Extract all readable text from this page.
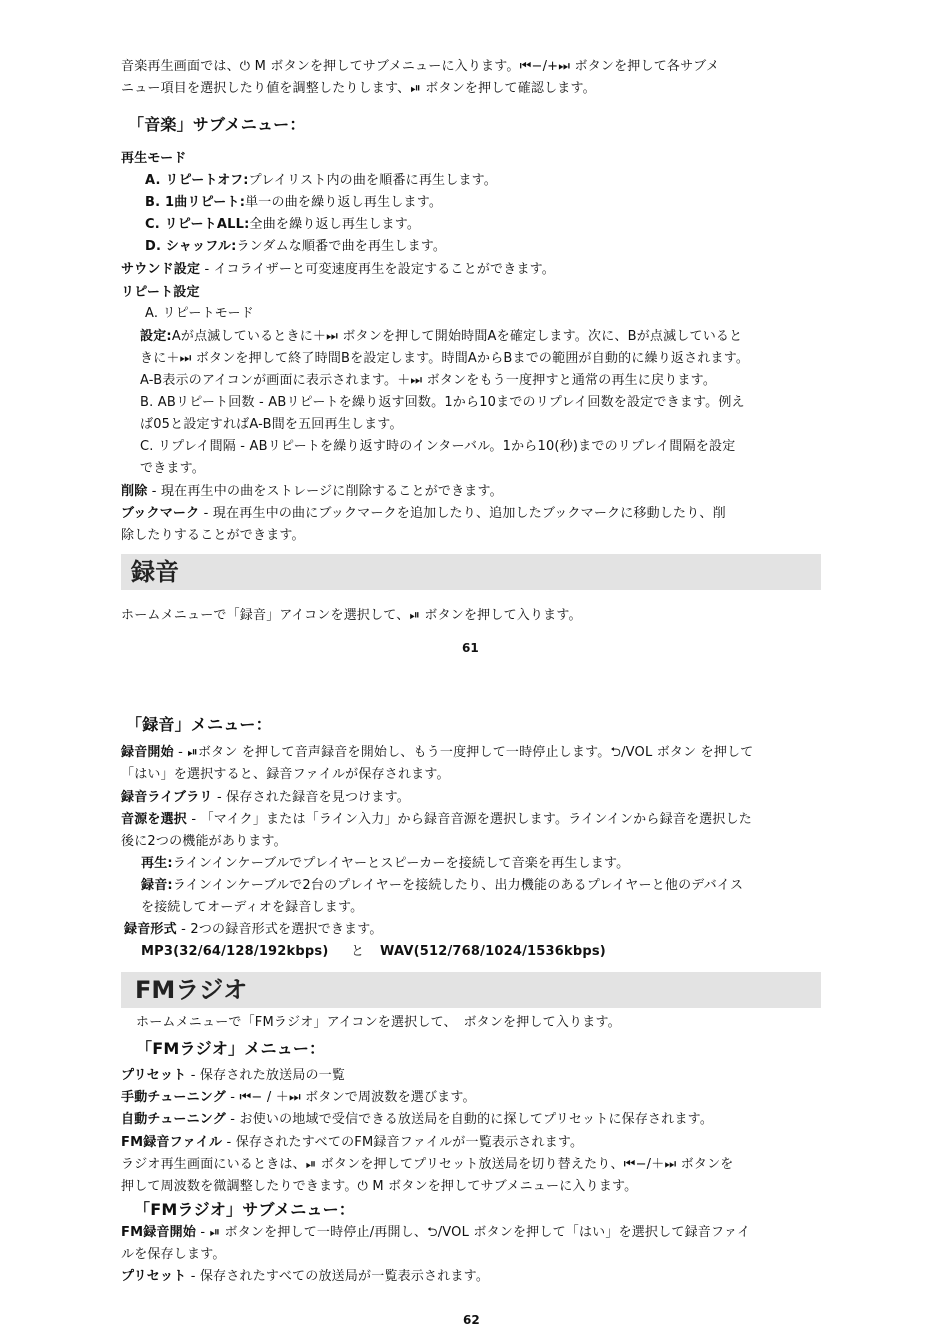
音楽再生画面では、⏻ M ボタンを押してサブメニューに入ります。⏮−/+⏭ ボタンを押して各サブメ
ニュー項目を選択したり値を調整したりします、⏯ ボタンを押して確認します。
「音楽」サブメニュー：
再生モード
A. リピートオフ:プレイリスト内の曲を順番に再生します。
B. 1曲リピート:単一の曲を繰り返し再生します。
C. リピートALL:全曲を繰り返し再生します。
D. シャッフル:ランダムな順番で曲を再生します。
サウンド設定 - イコライザーと可変速度再生を設定することができます。
リピート設定
A. リピートモード
設定:Aが点滅しているときに＋⏭ ボタンを押して開始時間Aを確定します。次に、Bが点滅していると
きに＋⏭ ボタンを押して終了時間Bを設定します。時間AからBまでの範囲が自動的に繰り返されます。
A-B表示のアイコンが画面に表示されます。＋⏭ ボタンをもう一度押すと通常の再生に戻ります。
B. ABリピート回数 - ABリピートを繰り返す回数。1から10までのリプレイ回数を設定できます。例え
ば05と設定すればA-B間を五回再生します。
C. リプレイ間隔 - ABリピートを繰り返す時のインターバル。1から10(秒)までのリプレイ間隔を設定
できます。
削除 - 現在再生中の曲をストレージに削除することができます。
ブックマーク - 現在再生中の曲にブックマークを追加したり、追加したブックマークに移動したり、削
除したりすることができます。
録音
ホームメニューで「録音」アイコンを選択して、⏯ ボタンを押して入ります。
61
「録音」メニュー：
録音開始 - ⏯ボタン を押して音声録音を開始し、もう一度押して一時停止します。⮌/VOL ボタン を押して
「はい」を選択すると、録音ファイルが保存されます。
録音ライブラリ - 保存された録音を見つけます。
音源を選択 - 「マイク」または「ライン入力」から録音音源を選択します。ラインインから録音を選択した
後に2つの機能があります。
再生:ラインインケーブルでプレイヤーとスピーカーを接続して音楽を再生します。
録音:ラインインケーブルで2台のプレイヤーを接続したり、出力機能のあるプレイヤーと他のデバイス
を接続してオーディオを録音します。
録音形式 - 2つの録音形式を選択できます。
MP3(32/64/128/192kbps) と WAV(512/768/1024/1536kbps)
FMラジオ
ホームメニューで「FMラジオ」アイコンを選択して、　ボタンを押して入ります。
「FMラジオ」メニュー：
プリセット - 保存された放送局の一覧
手動チューニング - ⏮− / ＋⏭ ボタンで周波数を選びます。
自動チューニング - お使いの地域で受信できる放送局を自動的に探してプリセットに保存されます。
FM録音ファイル - 保存されたすべてのFM録音ファイルが一覧表示されます。
ラジオ再生画面にいるときは、⏯ ボタンを押してプリセット放送局を切り替えたり、⏮−/＋⏭ ボタンを
押して周波数を微調整したりできます。⏻ M ボタンを押してサブメニューに入ります。
「FMラジオ」サブメニュー：
FM録音開始 - ⏯ ボタンを押して一時停止/再開し、⮌/VOL ボタンを押して「はい」を選択して録音ファイ
ルを保存します。
プリセット - 保存されたすべての放送局が一覧表示されます。
62
